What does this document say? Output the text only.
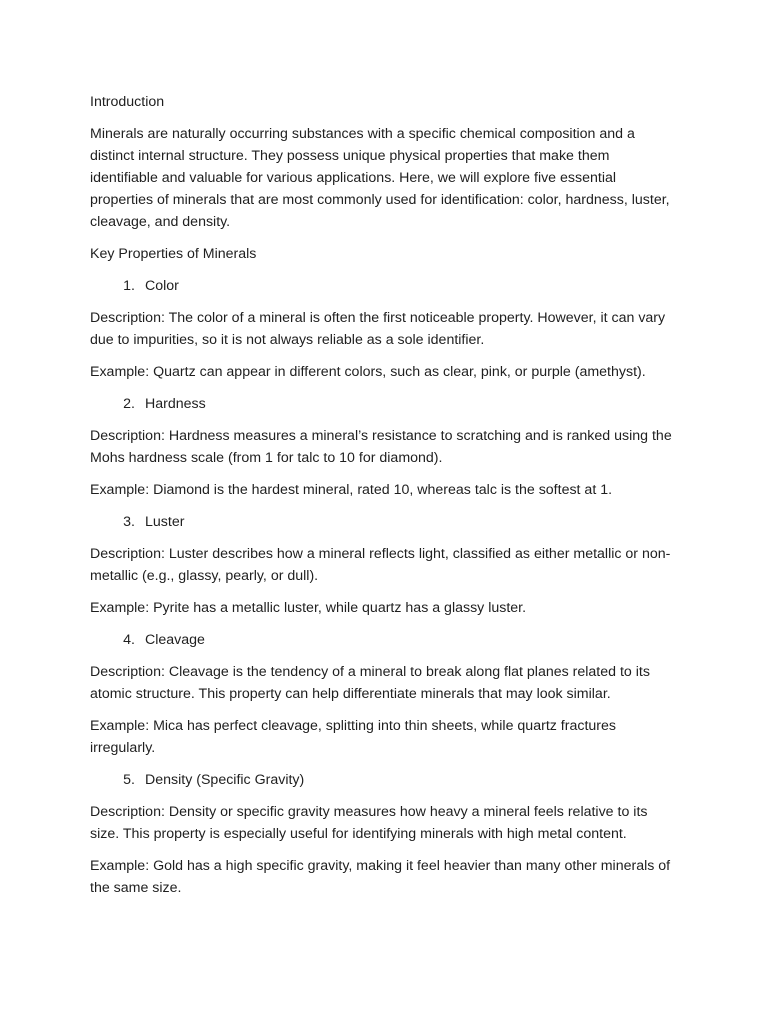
Introduction

Minerals are naturally occurring substances with a specific chemical composition and a distinct internal structure. They possess unique physical properties that make them identifiable and valuable for various applications. Here, we will explore five essential properties of minerals that are most commonly used for identification: color, hardness, luster, cleavage, and density.

Key Properties of Minerals

1. Color

Description: The color of a mineral is often the first noticeable property. However, it can vary due to impurities, so it is not always reliable as a sole identifier.

Example: Quartz can appear in different colors, such as clear, pink, or purple (amethyst).

2. Hardness

Description: Hardness measures a mineral’s resistance to scratching and is ranked using the Mohs hardness scale (from 1 for talc to 10 for diamond).

Example: Diamond is the hardest mineral, rated 10, whereas talc is the softest at 1.

3. Luster

Description: Luster describes how a mineral reflects light, classified as either metallic or non-metallic (e.g., glassy, pearly, or dull).

Example: Pyrite has a metallic luster, while quartz has a glassy luster.

4. Cleavage

Description: Cleavage is the tendency of a mineral to break along flat planes related to its atomic structure. This property can help differentiate minerals that may look similar.

Example: Mica has perfect cleavage, splitting into thin sheets, while quartz fractures irregularly.

5. Density (Specific Gravity)

Description: Density or specific gravity measures how heavy a mineral feels relative to its size. This property is especially useful for identifying minerals with high metal content.

Example: Gold has a high specific gravity, making it feel heavier than many other minerals of the same size.
